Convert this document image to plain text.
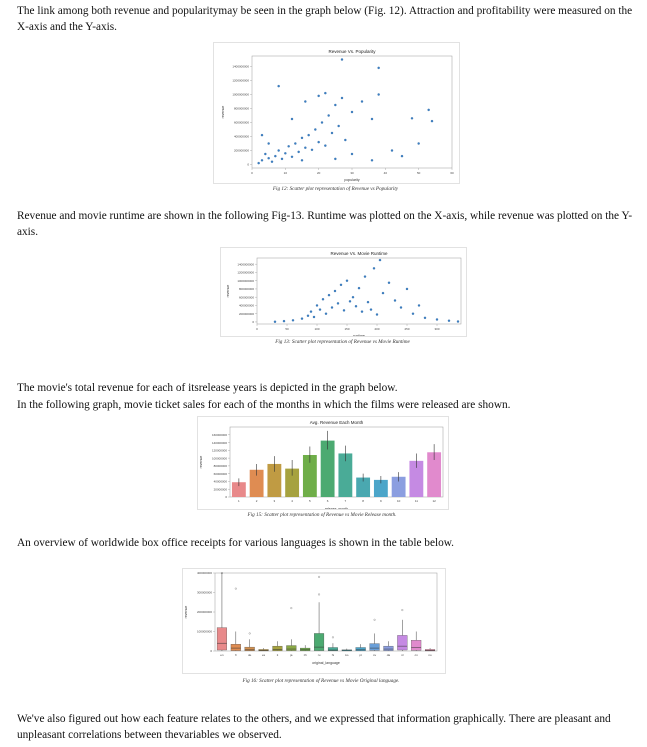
The link among both revenue and popularitymay be seen in the graph below (Fig. 12). Attraction and profitability were measured on the X-axis and the Y-axis.

Revenue Vs. Popularity
popularity
revenue
0
200000000
400000000
600000000
800000000
1000000000
1200000000
1400000000
0	10	20	30	40	50	60
Fig 12: Scatter plot representation of Revenue vs Popularity

Revenue and movie runtime are shown in the following Fig-13. Runtime was plotted on the X-axis, while revenue was plotted on the Y-axis.

Revenue Vs. Movie Runtime
runtime
revenue
0
200000000
400000000
600000000
800000000
1000000000
1200000000
1400000000
0	50	100	150	200	250	300
Fig 13: Scatter plot representation of Revenue vs Movie Runtime

The movie's total revenue for each of itsrelease years is depicted in the graph below.

In the following graph, movie ticket sales for each of the months in which the films were released are shown.

Avg. Revenue Each Month
release_month
revenue
0
20000000
40000000
60000000
80000000
100000000
120000000
140000000
160000000
1	2	3	4	5	6	7	8	9	10	11	12
Fig 15: Scatter plot representation of Revenue vs Movie Release month.

An overview of worldwide box office receipts for various languages is shown in the table below.

original_language
revenue
0
100000000
200000000
300000000
400000000
en	fr	de	es	it	ja	zh	ru	hi	ko	pt	sv	da	nl	cn	no
Fig 16: Scatter plot representation of Revenue vs Movie Original language.

We've also figured out how each feature relates to the others, and we expressed that information graphically. There are pleasant and unpleasant correlations between thevariables we observed.
